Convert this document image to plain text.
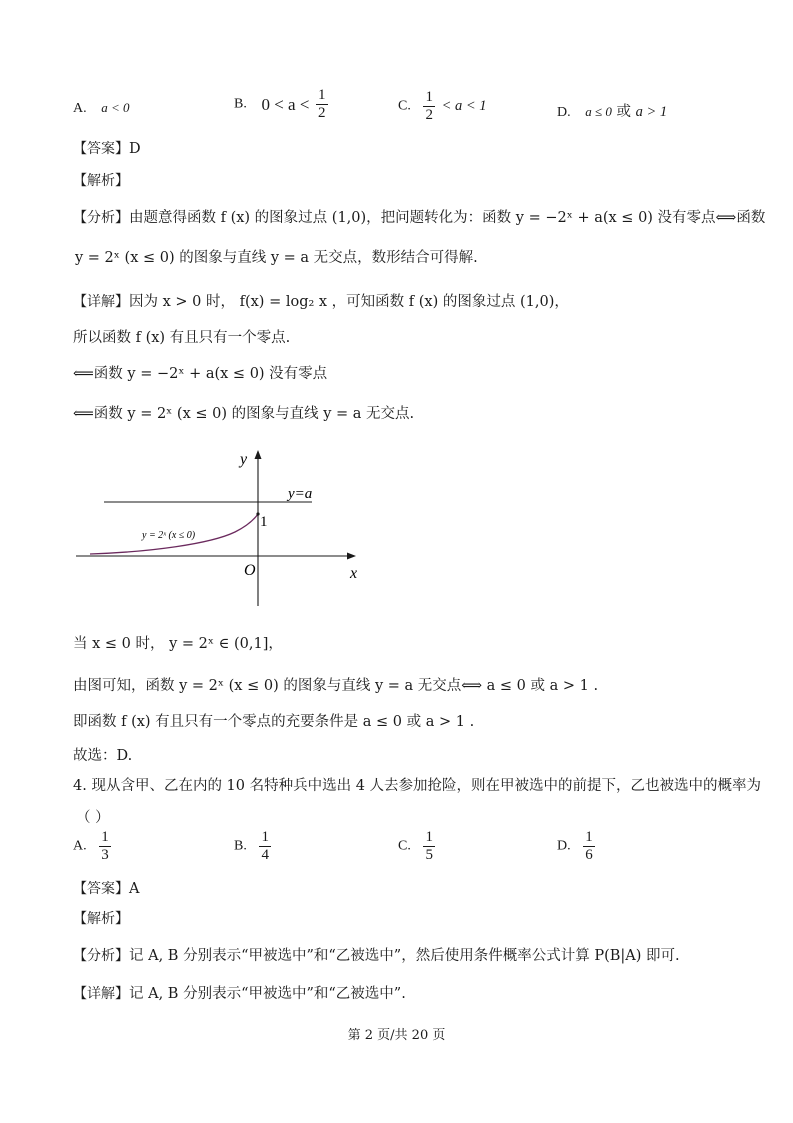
A. a < 0	B. $0 < a < \frac{1}{2}$	C. $\frac{1}{2} < a < 1$	D. a ≤ 0 或 a > 1
【答案】D
【解析】
【分析】由题意得函数 f (x) 的图象过点 (1,0)，把问题转化为：函数 y = −2ˣ + a(x ≤ 0) 没有零点⟺函数
y = 2ˣ (x ≤ 0) 的图象与直线 y = a 无交点，数形结合可得解.
【详解】因为 x > 0 时， f(x) = log₂ x ，可知函数 f (x) 的图象过点 (1,0)，
所以函数 f (x) 有且只有一个零点.
⟸函数 y = −2ˣ + a(x ≤ 0) 没有零点
⟸函数 y = 2ˣ (x ≤ 0) 的图象与直线 y = a 无交点.
y
x
O
y=a
1
y = 2ˣ (x ≤ 0)
当 x ≤ 0 时， y = 2ˣ ∈ (0,1]，
由图可知，函数 y = 2ˣ (x ≤ 0) 的图象与直线 y = a 无交点⟺ a ≤ 0 或 a > 1 .
即函数 f (x) 有且只有一个零点的充要条件是 a ≤ 0 或 a > 1 .
故选：D.
4. 现从含甲、乙在内的 10 名特种兵中选出 4 人去参加抢险，则在甲被选中的前提下，乙也被选中的概率为
（ ）
A. $\frac{1}{3}$	B. $\frac{1}{4}$	C. $\frac{1}{5}$	D. $\frac{1}{6}$
【答案】A
【解析】
【分析】记 A, B 分别表示“甲被选中”和“乙被选中”，然后使用条件概率公式计算 P(B|A) 即可.
【详解】记 A, B 分别表示“甲被选中”和“乙被选中”.
第 2 页/共 20 页
